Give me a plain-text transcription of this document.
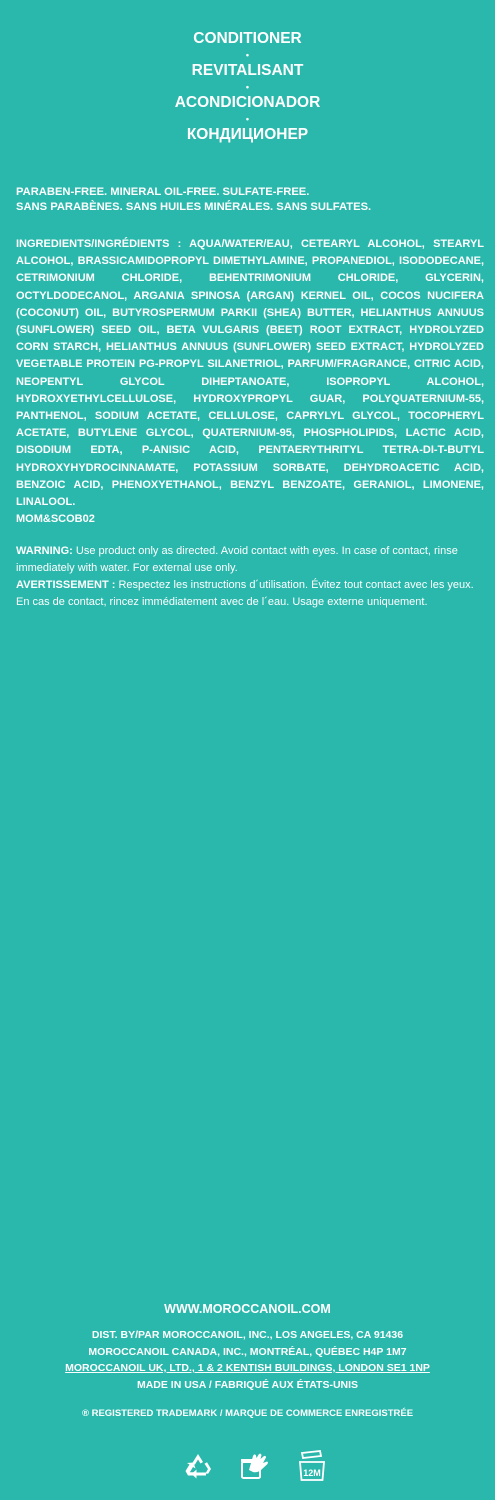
CONDITIONER
•
REVITALISANT
•
ACONDICIONADOR
•
КОНДИЦИОНЕР
PARABEN-FREE. MINERAL OIL-FREE. SULFATE-FREE.
SANS PARABÈNES. SANS HUILES MINÉRALES. SANS SULFATES.
INGREDIENTS/INGRÉDIENTS : AQUA/WATER/EAU, CETEARYL ALCOHOL, STEARYL ALCOHOL, BRASSICAMIDOPROPYL DIMETHYLAMINE, PROPANEDIOL, ISODODECANE, CETRIMONIUM CHLORIDE, BEHENTRIMONIUM CHLORIDE, GLYCERIN, OCTYLDODECANOL, ARGANIA SPINOSA (ARGAN) KERNEL OIL, COCOS NUCIFERA (COCONUT) OIL, BUTYROSPERMUM PARKII (SHEA) BUTTER, HELIANTHUS ANNUUS (SUNFLOWER) SEED OIL, BETA VULGARIS (BEET) ROOT EXTRACT, HYDROLYZED CORN STARCH, HELIANTHUS ANNUUS (SUNFLOWER) SEED EXTRACT, HYDROLYZED VEGETABLE PROTEIN PG-PROPYL SILANETRIOL, PARFUM/FRAGRANCE, CITRIC ACID, NEOPENTYL GLYCOL DIHEPTANOATE, ISOPROPYL ALCOHOL, HYDROXYETHYLCELLULOSE, HYDROXYPROPYL GUAR, POLYQUATERNIUM-55, PANTHENOL, SODIUM ACETATE, CELLULOSE, CAPRYLYL GLYCOL, TOCOPHERYL ACETATE, BUTYLENE GLYCOL, QUATERNIUM-95, PHOSPHOLIPIDS, LACTIC ACID, DISODIUM EDTA, P-ANISIC ACID, PENTAERYTHRITYL TETRA-DI-T-BUTYL HYDROXYHYDROCINNAMATE, POTASSIUM SORBATE, DEHYDROACETIC ACID, BENZOIC ACID, PHENOXYETHANOL, BENZYL BENZOATE, GERANIOL, LIMONENE, LINALOOL.
MOM&SCOB02
WARNING: Use product only as directed. Avoid contact with eyes. In case of contact, rinse immediately with water. For external use only.
AVERTISSEMENT : Respectez les instructions d´utilisation. Évitez tout contact avec les yeux. En cas de contact, rincez immédiatement avec de l´eau. Usage externe uniquement.
WWW.MOROCCANOIL.COM
DIST. BY/PAR MOROCCANOIL, INC., LOS ANGELES, CA 91436
MOROCCANOIL CANADA, INC., MONTRÉAL, QUÉBEC H4P 1M7
MOROCCANOIL UK, LTD., 1 & 2 KENTISH BUILDINGS, LONDON SE1 1NP
MADE IN USA / FABRIQUÉ AUX ÉTATS-UNIS
® REGISTERED TRADEMARK / MARQUE DE COMMERCE ENREGISTRÉE
12M
